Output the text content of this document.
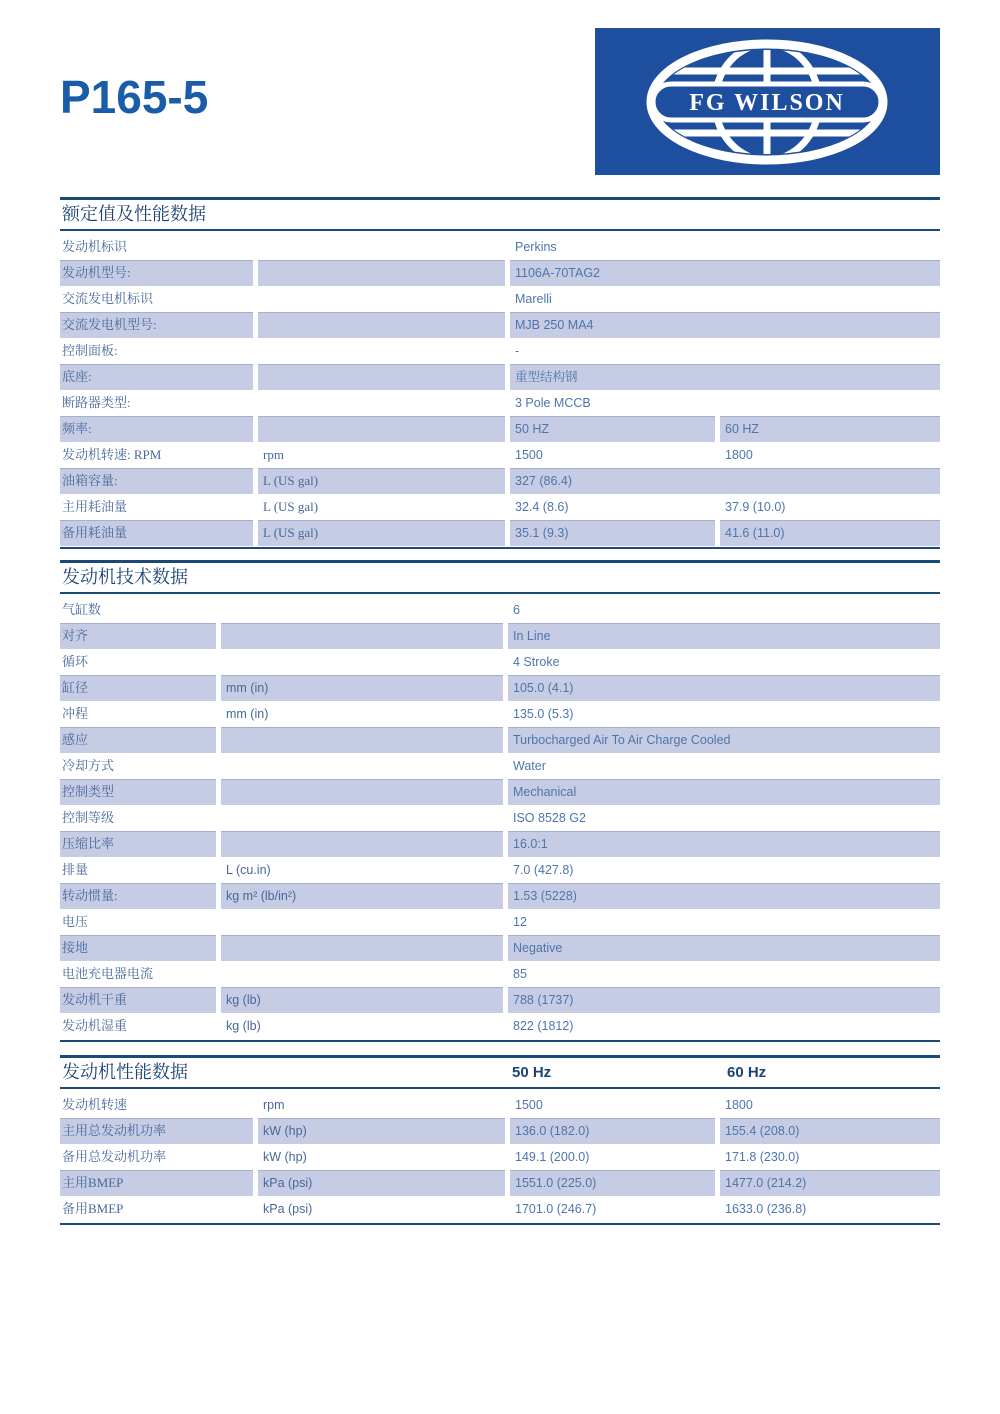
P165-5	FG WILSON
额定值及性能数据
发动机标识	Perkins
发动机型号:	1106A-70TAG2
交流发电机标识	Marelli
交流发电机型号:	MJB 250 MA4
控制面板:	-
底座:	重型结构钢
断路器类型:	3 Pole MCCB
频率:	50 HZ	60 HZ
发动机转速: RPM	rpm	1500	1800
油箱容量:	L (US gal)	327 (86.4)
主用耗油量	L (US gal)	32.4 (8.6)	37.9 (10.0)
备用耗油量	L (US gal)	35.1 (9.3)	41.6 (11.0)
发动机技术数据
气缸数	6
对齐	In Line
循环	4 Stroke
缸径	mm (in)	105.0 (4.1)
冲程	mm (in)	135.0 (5.3)
感应	Turbocharged Air To Air Charge Cooled
冷却方式	Water
控制类型	Mechanical
控制等级	ISO 8528 G2
压缩比率	16.0:1
排量	L (cu.in)	7.0 (427.8)
转动惯量:	kg m² (lb/in²)	1.53 (5228)
电压	12
接地	Negative
电池充电器电流	85
发动机干重	kg (lb)	788 (1737)
发动机湿重	kg (lb)	822 (1812)
发动机性能数据	50 Hz	60 Hz
发动机转速	rpm	1500	1800
主用总发动机功率	kW (hp)	136.0 (182.0)	155.4 (208.0)
备用总发动机功率	kW (hp)	149.1 (200.0)	171.8 (230.0)
主用BMEP	kPa (psi)	1551.0 (225.0)	1477.0 (214.2)
备用BMEP	kPa (psi)	1701.0 (246.7)	1633.0 (236.8)
